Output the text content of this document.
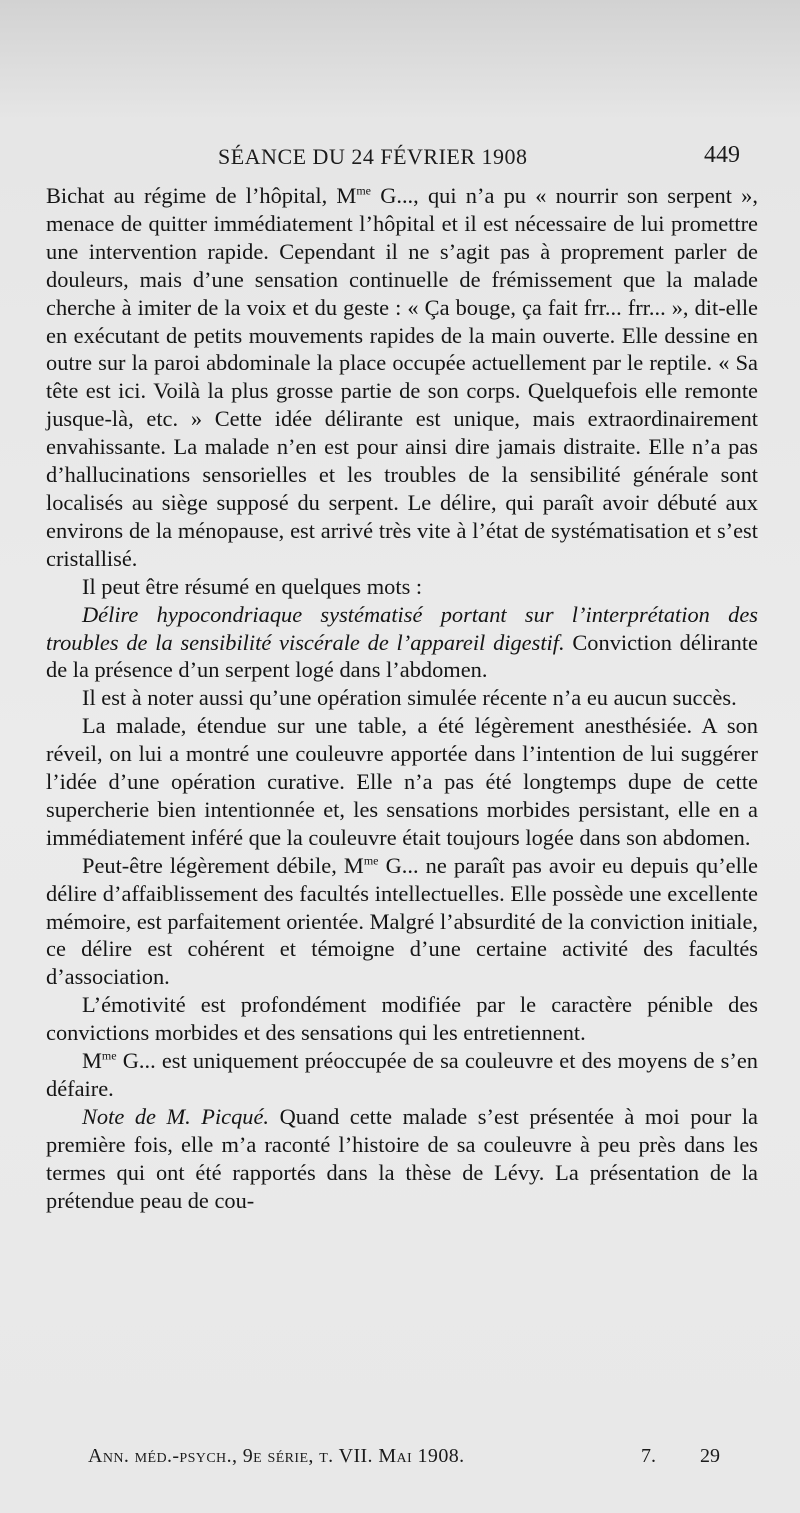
SÉANCE DU 24 FÉVRIER 1908	449

Bichat au régime de l’hôpital, $M^{me}$ G..., qui n’a pu « nourrir son serpent », menace de quitter immédiatement l’hôpital et il est nécessaire de lui promettre une intervention rapide. Cependant il ne s’agit pas à proprement parler de douleurs, mais d’une sensation continuelle de frémissement que la malade cherche à imiter de la voix et du geste : « Ça bouge, ça fait frr... frr... », dit-elle en exécutant de petits mouvements rapides de la main ouverte. Elle dessine en outre sur la paroi abdominale la place occupée actuellement par le reptile. « Sa tête est ici. Voilà la plus grosse partie de son corps. Quelquefois elle remonte jusque-là, etc. » Cette idée délirante est unique, mais extraordinairement envahissante. La malade n’en est pour ainsi dire jamais distraite. Elle n’a pas d’hallucinations sensorielles et les troubles de la sensibilité générale sont localisés au siège supposé du serpent. Le délire, qui paraît avoir débuté aux environs de la ménopause, est arrivé très vite à l’état de systématisation et s’est cristallisé.

Il peut être résumé en quelques mots :

Délire hypocondriaque systématisé portant sur l’interprétation des troubles de la sensibilité viscérale de l’appareil digestif. Conviction délirante de la présence d’un serpent logé dans l’abdomen.

Il est à noter aussi qu’une opération simulée récente n’a eu aucun succès.

La malade, étendue sur une table, a été légèrement anesthésiée. A son réveil, on lui a montré une couleuvre apportée dans l’intention de lui suggérer l’idée d’une opération curative. Elle n’a pas été longtemps dupe de cette supercherie bien intentionnée et, les sensations morbides persistant, elle en a immédiatement inféré que la couleuvre était toujours logée dans son abdomen.

Peut-être légèrement débile, $M^{me}$ G... ne paraît pas avoir eu depuis qu’elle délire d’affaiblissement des facultés intellectuelles. Elle possède une excellente mémoire, est parfaitement orientée. Malgré l’absurdité de la conviction initiale, ce délire est cohérent et témoigne d’une certaine activité des facultés d’association.

L’émotivité est profondément modifiée par le caractère pénible des convictions morbides et des sensations qui les entretiennent.

$M^{me}$ G... est uniquement préoccupée de sa couleuvre et des moyens de s’en défaire.

Note de M. Picqué. Quand cette malade s’est présentée à moi pour la première fois, elle m’a raconté l’histoire de sa couleuvre à peu près dans les termes qui ont été rapportés dans la thèse de Lévy. La présentation de la prétendue peau de cou-

Ann. méd.-psych., 9e série, t. VII. Mai 1908.	7. 29
